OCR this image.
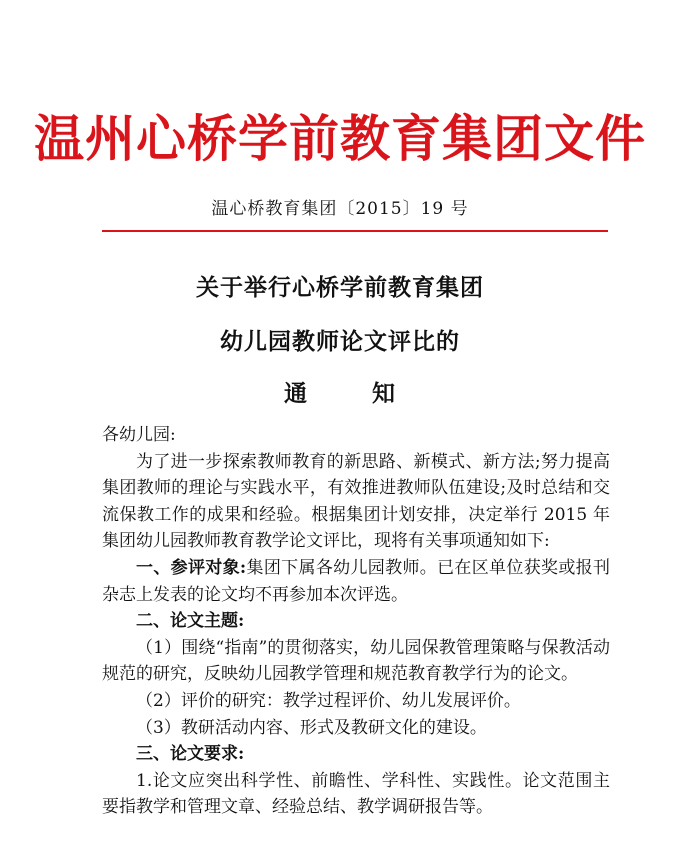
温州心桥学前教育集团文件
温心桥教育集团〔2015〕19 号
关于举行心桥学前教育集团
幼儿园教师论文评比的
通	知

各幼儿园:

为了进一步探索教师教育的新思路、新模式、新方法;努力提高集团教师的理论与实践水平，有效推进教师队伍建设;及时总结和交流保教工作的成果和经验。根据集团计划安排，决定举行 2015 年集团幼儿园教师教育教学论文评比，现将有关事项通知如下:

一、参评对象:集团下属各幼儿园教师。已在区单位获奖或报刊杂志上发表的论文均不再参加本次评选。

二、论文主题:

（1）围绕“指南”的贯彻落实，幼儿园保教管理策略与保教活动规范的研究，反映幼儿园教学管理和规范教育教学行为的论文。

（2）评价的研究：教学过程评价、幼儿发展评价。

（3）教研活动内容、形式及教研文化的建设。

三、论文要求:

1.论文应突出科学性、前瞻性、学科性、实践性。论文范围主要指教学和管理文章、经验总结、教学调研报告等。
